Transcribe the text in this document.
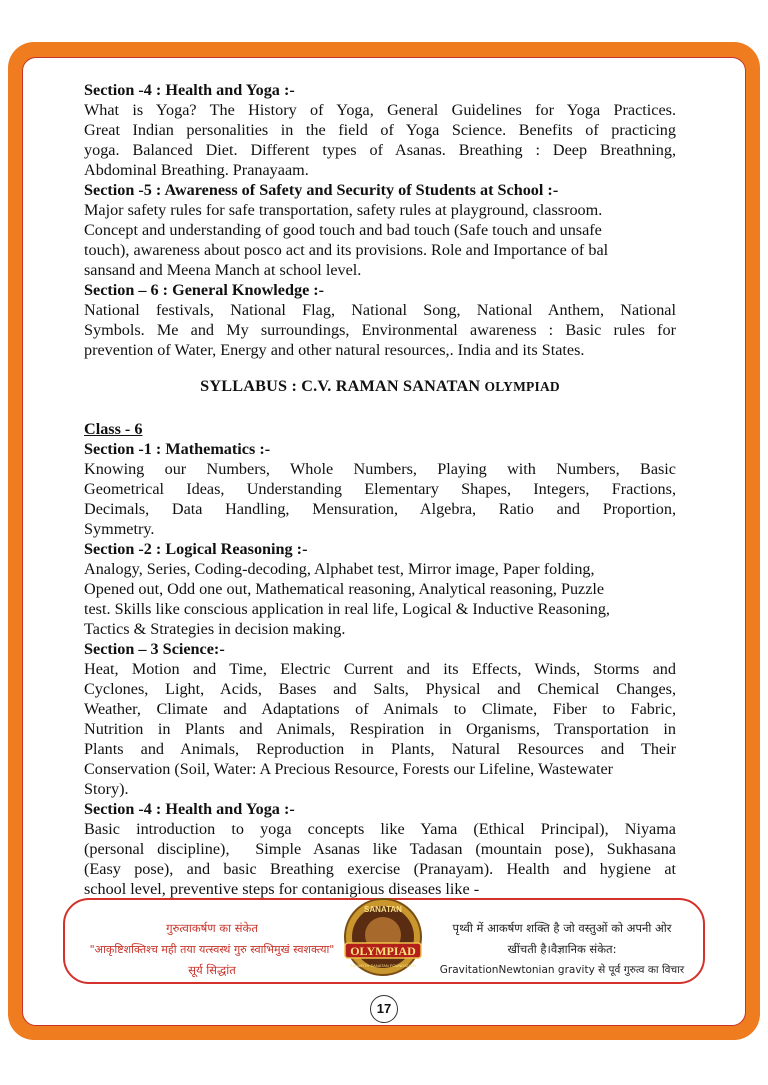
Section -4 : Health and Yoga :-
What is Yoga? The History of Yoga, General Guidelines for Yoga Practices.
Great Indian personalities in the field of Yoga Science. Benefits of practicing
yoga. Balanced Diet. Different types of Asanas. Breathing : Deep Breathning,
Abdominal Breathing. Pranayaam.
Section -5 : Awareness of Safety and Security of Students at School :-
Major safety rules for safe transportation, safety rules at playground, classroom.
Concept and understanding of good touch and bad touch (Safe touch and unsafe
touch), awareness about posco act and its provisions. Role and Importance of bal
sansand and Meena Manch at school level.
Section – 6 : General Knowledge :-
National festivals, National Flag, National Song, National Anthem, National
Symbols. Me and My surroundings, Environmental awareness : Basic rules for
prevention of Water, Energy and other natural resources,. India and its States.
SYLLABUS : C.V. RAMAN SANATAN OLYMPIAD
Class - 6
Section -1 : Mathematics :-
Knowing our Numbers, Whole Numbers, Playing with Numbers, Basic
Geometrical Ideas, Understanding Elementary Shapes, Integers, Fractions,
Decimals, Data Handling, Mensuration, Algebra, Ratio and Proportion,
Symmetry.
Section -2 : Logical Reasoning :-
Analogy, Series, Coding-decoding, Alphabet test, Mirror image, Paper folding,
Opened out, Odd one out, Mathematical reasoning, Analytical reasoning, Puzzle
test. Skills like conscious application in real life, Logical & Inductive Reasoning,
Tactics & Strategies in decision making.
Section – 3 Science:-
Heat, Motion and Time, Electric Current and its Effects, Winds, Storms and
Cyclones, Light, Acids, Bases and Salts, Physical and Chemical Changes,
Weather, Climate and Adaptations of Animals to Climate, Fiber to Fabric,
Nutrition in Plants and Animals, Respiration in Organisms, Transportation in
Plants and Animals, Reproduction in Plants, Natural Resources and Their
Conservation (Soil, Water: A Precious Resource, Forests our Lifeline, Wastewater
Story).
Section -4 : Health and Yoga :-
Basic introduction to yoga concepts like Yama (Ethical Principal), Niyama
(personal discipline),  Simple Asanas like Tadasan (mountain pose), Sukhasana
(Easy pose), and basic Breathing exercise (Pranayam). Health and hygiene at
school level, preventive steps for contanigious diseases like -
गुरुत्वाकर्षण का संकेत
"आकृष्टिशक्तिश्च मही तया यत्स्वस्थं गुरु स्वाभिमुखं स्वशक्त्या"
सूर्य सिद्धांत
SANATAN
OLYMPIAD
SAMARTH SANATAN FOUNDATION
पृथ्वी में आकर्षण शक्ति है जो वस्तुओं को अपनी ओर
खींचती है।वैज्ञानिक संकेत:
GravitationNewtonian gravity से पूर्व गुरुत्व का विचार
17
